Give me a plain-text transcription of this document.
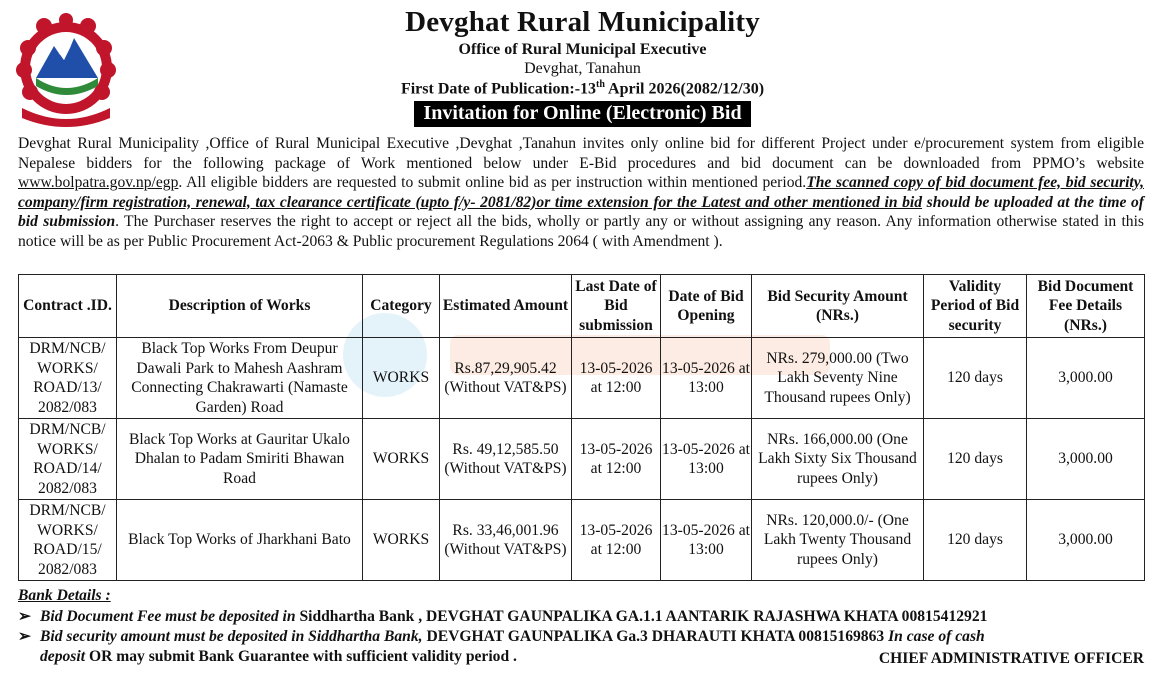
Devghat Rural Municipality
Office of Rural Municipal Executive
Devghat, Tanahun
First Date of Publication:-13th April 2026(2082/12/30)
Invitation for Online (Electronic) Bid
Devghat Rural Municipality ,Office of Rural Municipal Executive ,Devghat ,Tanahun invites only online bid for different Project under e/procurement system from eligible Nepalese bidders for the following package of Work mentioned below under E-Bid procedures and bid document can be downloaded from PPMO’s website www.bolpatra.gov.np/egp. All eligible bidders are requested to submit online bid as per instruction within mentioned period.The scanned copy of bid document fee, bid security, company/firm registration, renewal, tax clearance certificate (upto f/y- 2081/82)or time extension for the Latest and other mentioned in bid should be uploaded at the time of bid submission. The Purchaser reserves the right to accept or reject all the bids, wholly or partly any or without assigning any reason. Any information otherwise stated in this notice will be as per Public Procurement Act-2063 & Public procurement Regulations 2064 ( with Amendment ).
Contract .ID.	Description of Works	Category	Estimated Amount	Last Date of Bid submission	Date of Bid Opening	Bid Security Amount (NRs.)	Validity Period of Bid security	Bid Document Fee Details (NRs.)
DRM/NCB/ WORKS/ ROAD/13/ 2082/083	Black Top Works From Deupur Dawali Park to Mahesh Aashram Connecting Chakrawarti (Namaste Garden) Road	WORKS	Rs.87,29,905.42 (Without VAT&PS)	13-05-2026 at 12:00	13-05-2026 at 13:00	NRs. 279,000.00 (Two Lakh Seventy Nine Thousand rupees Only)	120 days	3,000.00
DRM/NCB/ WORKS/ ROAD/14/ 2082/083	Black Top Works at Gauritar Ukalo Dhalan to Padam Smiriti Bhawan Road	WORKS	Rs. 49,12,585.50 (Without VAT&PS)	13-05-2026 at 12:00	13-05-2026 at 13:00	NRs. 166,000.00 (One Lakh Sixty Six Thousand rupees Only)	120 days	3,000.00
DRM/NCB/ WORKS/ ROAD/15/ 2082/083	Black Top Works of Jharkhani Bato	WORKS	Rs. 33,46,001.96 (Without VAT&PS)	13-05-2026 at 12:00	13-05-2026 at 13:00	NRs. 120,000.0/- (One Lakh Twenty Thousand rupees Only)	120 days	3,000.00
Bank Details :
➢ Bid Document Fee must be deposited in Siddhartha Bank , DEVGHAT GAUNPALIKA GA.1.1 AANTARIK RAJASHWA KHATA 00815412921
➢ Bid security amount must be deposited in Siddhartha Bank, DEVGHAT GAUNPALIKA Ga.3 DHARAUTI KHATA 00815169863 In case of cash
deposit OR may submit Bank Guarantee with sufficient validity period .	CHIEF ADMINISTRATIVE OFFICER
